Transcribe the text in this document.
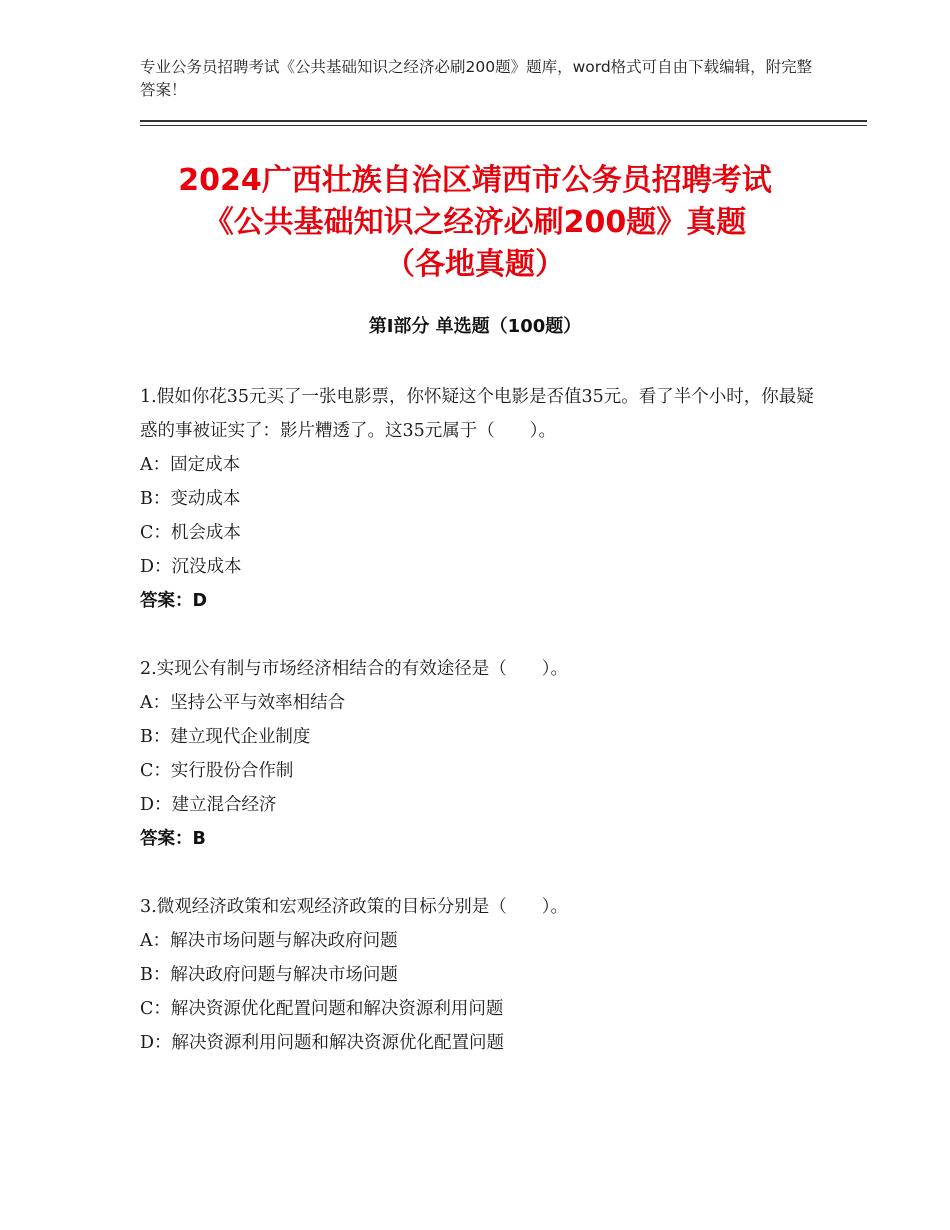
专业公务员招聘考试《公共基础知识之经济必刷200题》题库，word格式可自由下载编辑，附完整答案！
2024广西壮族自治区靖西市公务员招聘考试
《公共基础知识之经济必刷200题》真题
（各地真题）
第Ⅰ部分 单选题（100题）
1.假如你花35元买了一张电影票，你怀疑这个电影是否值35元。看了半个小时，你最疑惑的事被证实了：影片糟透了。这35元属于（　　）。
A：固定成本
B：变动成本
C：机会成本
D：沉没成本
答案：D
2.实现公有制与市场经济相结合的有效途径是（　　）。
A：坚持公平与效率相结合
B：建立现代企业制度
C：实行股份合作制
D：建立混合经济
答案：B
3.微观经济政策和宏观经济政策的目标分别是（　　）。
A：解决市场问题与解决政府问题
B：解决政府问题与解决市场问题
C：解决资源优化配置问题和解决资源利用问题
D：解决资源利用问题和解决资源优化配置问题
